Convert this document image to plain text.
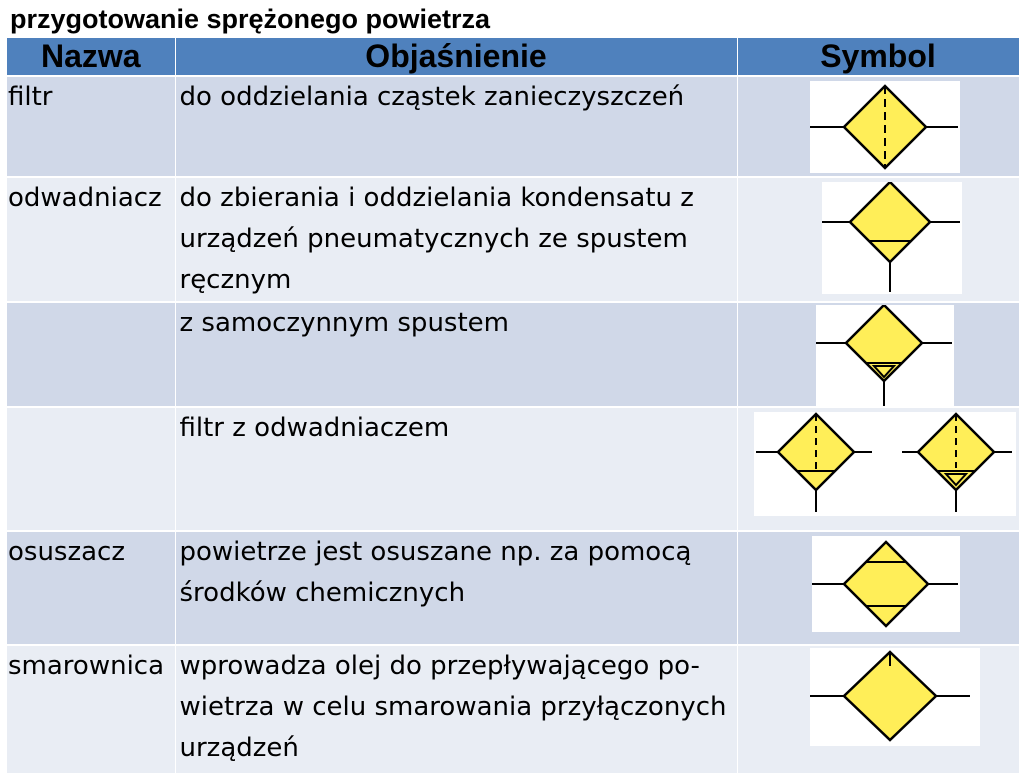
przygotowanie sprężonego powietrza
Nazwa	Objaśnienie	Symbol
filtr	do oddzielania cząstek zanieczyszczeń	

odwadniacz	do zbierania i oddzielania kondensatu z urządzeń pneumatycznych ze spustem ręcznym	

	z samoczynnym spustem	

	filtr z odwadniaczem	

osuszacz	powietrze jest osuszane np. za pomocą środków chemicznych	

smarownica	wprowadza olej do przepływającego po-wietrza w celu smarowania przyłączonych urządzeń	
